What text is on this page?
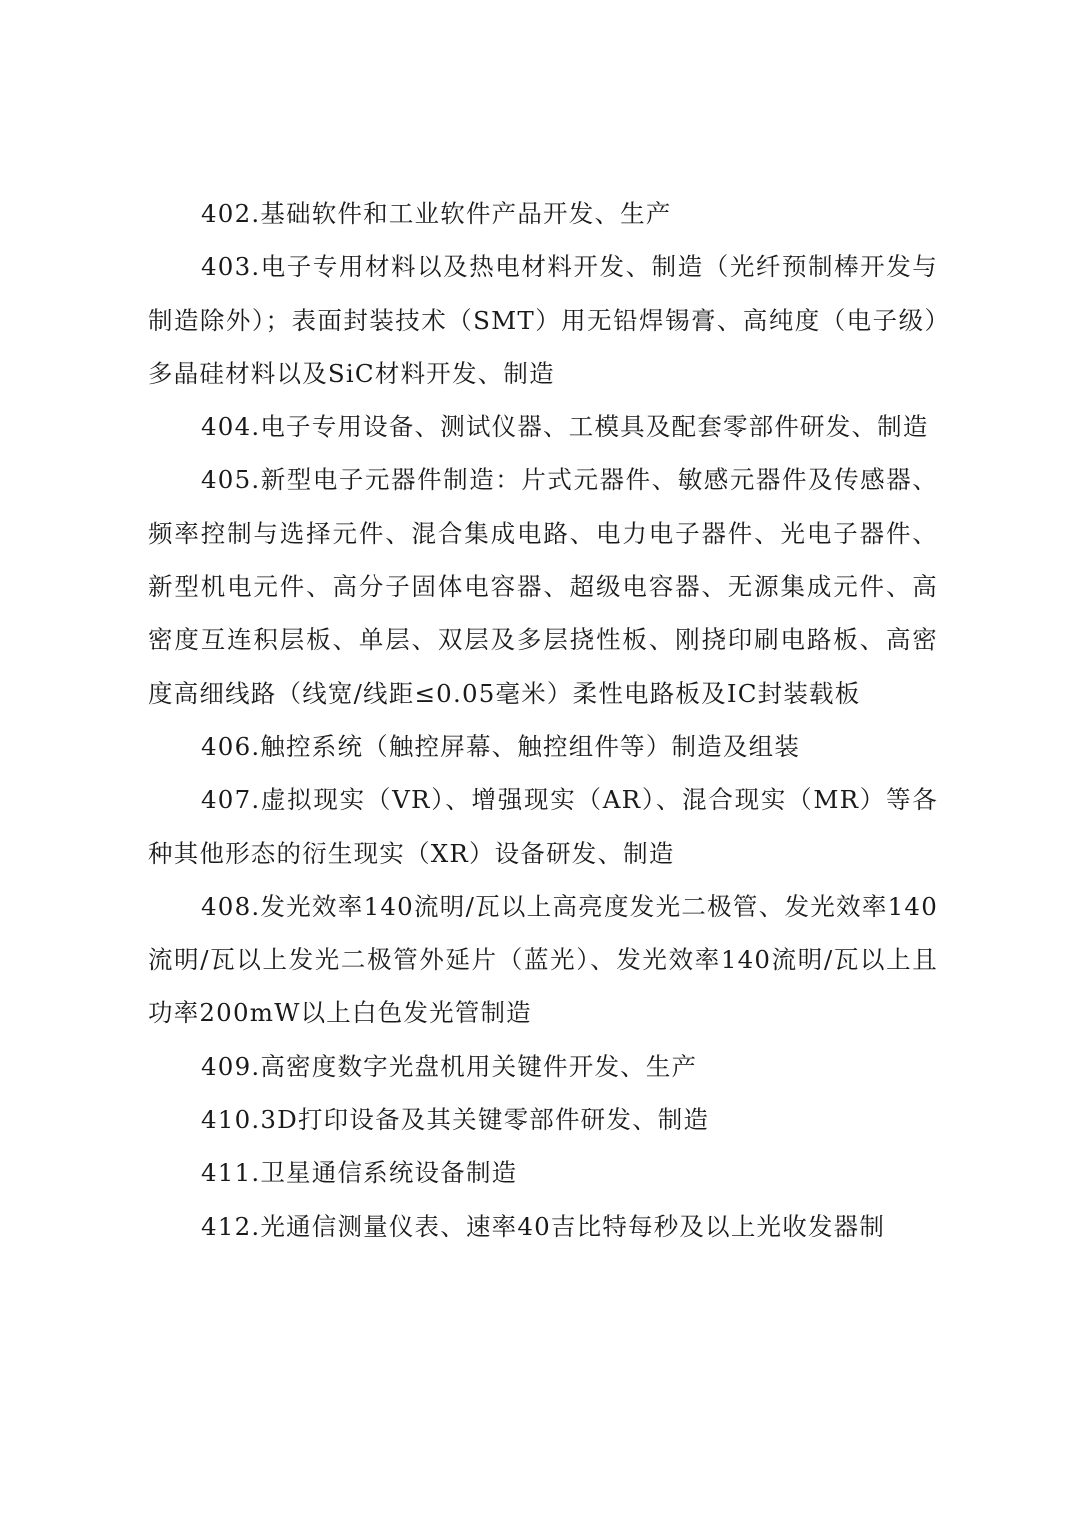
402.基础软件和工业软件产品开发、生产

403.电子专用材料以及热电材料开发、制造（光纤预制棒开发与制造除外）；表面封装技术（SMT）用无铅焊锡膏、高纯度（电子级）多晶硅材料以及SiC材料开发、制造

404.电子专用设备、测试仪器、工模具及配套零部件研发、制造

405.新型电子元器件制造：片式元器件、敏感元器件及传感器、频率控制与选择元件、混合集成电路、电力电子器件、光电子器件、新型机电元件、高分子固体电容器、超级电容器、无源集成元件、高密度互连积层板、单层、双层及多层挠性板、刚挠印刷电路板、高密度高细线路（线宽/线距≤0.05毫米）柔性电路板及IC封装载板

406.触控系统（触控屏幕、触控组件等）制造及组装

407.虚拟现实（VR）、增强现实（AR）、混合现实（MR）等各种其他形态的衍生现实（XR）设备研发、制造

408.发光效率140流明/瓦以上高亮度发光二极管、发光效率140流明/瓦以上发光二极管外延片（蓝光）、发光效率140流明/瓦以上且功率200mW以上白色发光管制造

409.高密度数字光盘机用关键件开发、生产

410.3D打印设备及其关键零部件研发、制造

411.卫星通信系统设备制造

412.光通信测量仪表、速率40吉比特每秒及以上光收发器制
